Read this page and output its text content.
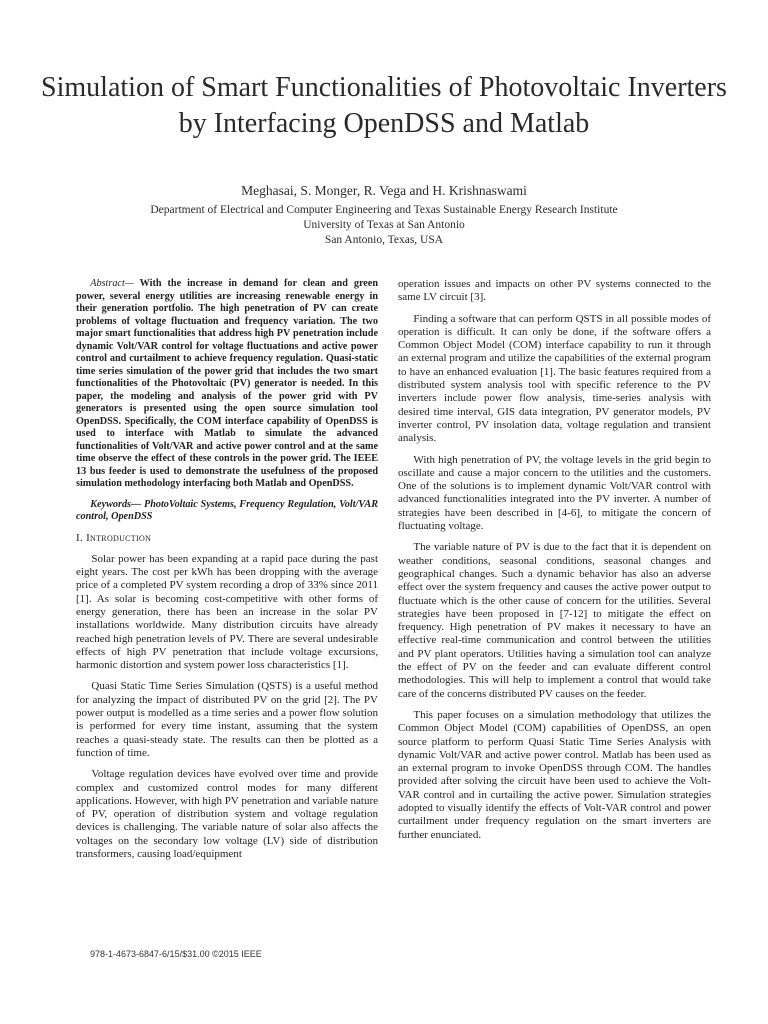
Simulation of Smart Functionalities of Photovoltaic Inverters by Interfacing OpenDSS and Matlab
Meghasai, S. Monger, R. Vega and H. Krishnaswami
Department of Electrical and Computer Engineering and Texas Sustainable Energy Research Institute
University of Texas at San Antonio
San Antonio, Texas, USA

Abstract— With the increase in demand for clean and green power, several energy utilities are increasing renewable energy in their generation portfolio. The high penetration of PV can create problems of voltage fluctuation and frequency variation. The two major smart functionalities that address high PV penetration include dynamic Volt/VAR control for voltage fluctuations and active power control and curtailment to achieve frequency regulation. Quasi-static time series simulation of the power grid that includes the two smart functionalities of the Photovoltaic (PV) generator is needed. In this paper, the modeling and analysis of the power grid with PV generators is presented using the open source simulation tool OpenDSS. Specifically, the COM interface capability of OpenDSS is used to interface with Matlab to simulate the advanced functionalities of Volt/VAR and active power control and at the same time observe the effect of these controls in the power grid. The IEEE 13 bus feeder is used to demonstrate the usefulness of the proposed simulation methodology interfacing both Matlab and OpenDSS.

Keywords— PhotoVoltaic Systems, Frequency Regulation, Volt/VAR control, OpenDSS

I. Introduction

Solar power has been expanding at a rapid pace during the past eight years. The cost per kWh has been dropping with the average price of a completed PV system recording a drop of 33% since 2011 [1]. As solar is becoming cost-competitive with other forms of energy generation, there has been an increase in the solar PV installations worldwide. Many distribution circuits have already reached high penetration levels of PV. There are several undesirable effects of high PV penetration that include voltage excursions, harmonic distortion and system power loss characteristics [1].

Quasi Static Time Series Simulation (QSTS) is a useful method for analyzing the impact of distributed PV on the grid [2]. The PV power output is modelled as a time series and a power flow solution is performed for every time instant, assuming that the system reaches a quasi-steady state. The results can then be plotted as a function of time.

Voltage regulation devices have evolved over time and provide complex and customized control modes for many different applications. However, with high PV penetration and variable nature of PV, operation of distribution system and voltage regulation devices is challenging. The variable nature of solar also affects the voltages on the secondary low voltage (LV) side of distribution transformers, causing load/equipment

operation issues and impacts on other PV systems connected to the same LV circuit [3].

Finding a software that can perform QSTS in all possible modes of operation is difficult. It can only be done, if the software offers a Common Object Model (COM) interface capability to run it through an external program and utilize the capabilities of the external program to have an enhanced evaluation [1]. The basic features required from a distributed system analysis tool with specific reference to the PV inverters include power flow analysis, time-series analysis with desired time interval, GIS data integration, PV generator models, PV inverter control, PV insolation data, voltage regulation and transient analysis.

With high penetration of PV, the voltage levels in the grid begin to oscillate and cause a major concern to the utilities and the customers. One of the solutions is to implement dynamic Volt/VAR control with advanced functionalities integrated into the PV inverter. A number of strategies have been described in [4-6], to mitigate the concern of fluctuating voltage.

The variable nature of PV is due to the fact that it is dependent on weather conditions, seasonal conditions, seasonal changes and geographical changes. Such a dynamic behavior has also an adverse effect over the system frequency and causes the active power output to fluctuate which is the other cause of concern for the utilities. Several strategies have been proposed in [7-12] to mitigate the effect on frequency. High penetration of PV makes it necessary to have an effective real-time communication and control between the utilities and PV plant operators. Utilities having a simulation tool can analyze the effect of PV on the feeder and can evaluate different control methodologies. This will help to implement a control that would take care of the concerns distributed PV causes on the feeder.

This paper focuses on a simulation methodology that utilizes the Common Object Model (COM) capabilities of OpenDSS, an open source platform to perform Quasi Static Time Series Analysis with dynamic Volt/VAR and active power control. Matlab has been used as an external program to invoke OpenDSS through COM. The handles provided after solving the circuit have been used to achieve the Volt-VAR control and in curtailing the active power. Simulation strategies adopted to visually identify the effects of Volt-VAR control and power curtailment under frequency regulation on the smart inverters are further enunciated.

978-1-4673-6847-6/15/$31.00 ©2015 IEEE
